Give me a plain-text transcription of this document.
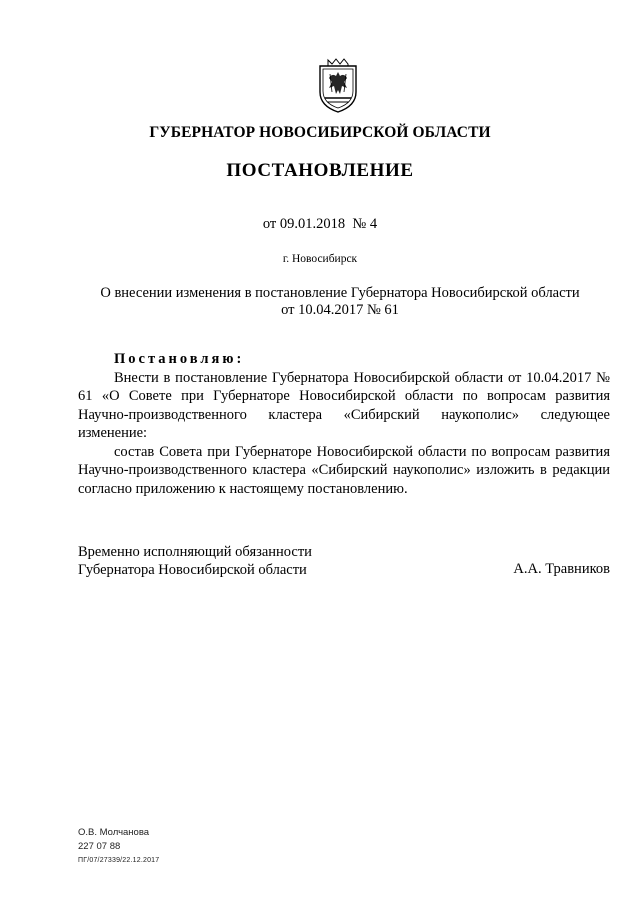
ГУБЕРНАТОР НОВОСИБИРСКОЙ ОБЛАСТИ
ПОСТАНОВЛЕНИЕ
от 09.01.2018  № 4
г. Новосибирск
О внесении изменения в постановление Губернатора Новосибирской области
от 10.04.2017 № 61
Постановляю:

Внести в постановление Губернатора Новосибирской области от 10.04.2017 № 61 «О Совете при Губернаторе Новосибирской области по вопросам развития Научно-производственного кластера «Сибирский наукополис» следующее изменение:

состав Совета при Губернаторе Новосибирской области по вопросам развития Научно-производственного кластера «Сибирский наукополис» изложить в редакции согласно приложению к настоящему постановлению.

Временно исполняющий обязанности
Губернатора Новосибирской области	А.А. Травников
О.В. Молчанова
227 07 88
ПГ/07/27339/22.12.2017
